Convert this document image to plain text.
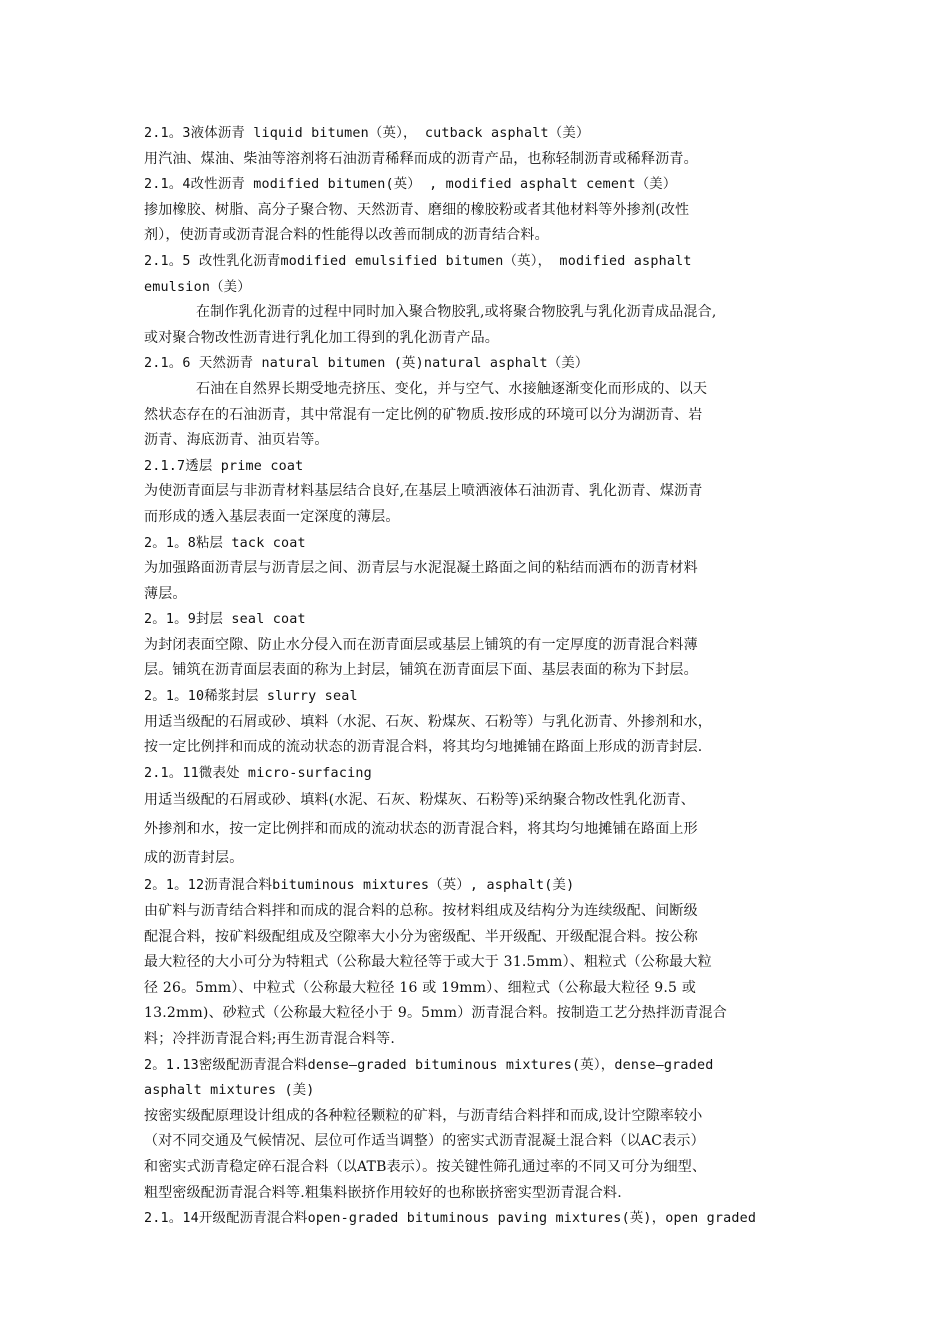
2.1。3液体沥青 liquid bitumen（英）， cutback asphalt（美）
用汽油、煤油、柴油等溶剂将石油沥青稀释而成的沥青产品，也称轻制沥青或稀释沥青。
2.1。4改性沥青 modified bitumen(英） , modified asphalt cement（美）
掺加橡胶、树脂、高分子聚合物、天然沥青、磨细的橡胶粉或者其他材料等外掺剂(改性
剂），使沥青或沥青混合料的性能得以改善而制成的沥青结合料。
2.1。5 改性乳化沥青modified emulsified bitumen（英）， modified asphalt
emulsion（美）
在制作乳化沥青的过程中同时加入聚合物胶乳,或将聚合物胶乳与乳化沥青成品混合,
或对聚合物改性沥青进行乳化加工得到的乳化沥青产品。
2.1。6 天然沥青 natural bitumen (英)natural asphalt（美）
石油在自然界长期受地壳挤压、变化，并与空气、水接触逐渐变化而形成的、以天
然状态存在的石油沥青，其中常混有一定比例的矿物质.按形成的环境可以分为湖沥青、岩
沥青、海底沥青、油页岩等。
2.1.7透层 prime coat
为使沥青面层与非沥青材料基层结合良好,在基层上喷洒液体石油沥青、乳化沥青、煤沥青
而形成的透入基层表面一定深度的薄层。
2。1。8粘层 tack coat
为加强路面沥青层与沥青层之间、沥青层与水泥混凝土路面之间的粘结而洒布的沥青材料
薄层。
2。1。9封层 seal coat
为封闭表面空隙、防止水分侵入而在沥青面层或基层上铺筑的有一定厚度的沥青混合料薄
层。铺筑在沥青面层表面的称为上封层，铺筑在沥青面层下面、基层表面的称为下封层。
2。1。10稀浆封层 slurry seal
用适当级配的石屑或砂、填料（水泥、石灰、粉煤灰、石粉等）与乳化沥青、外掺剂和水，
按一定比例拌和而成的流动状态的沥青混合料，将其均匀地摊铺在路面上形成的沥青封层.
2.1。11微表处 micro-surfacing
用适当级配的石屑或砂、填料(水泥、石灰、粉煤灰、石粉等)采纳聚合物改性乳化沥青、
外掺剂和水，按一定比例拌和而成的流动状态的沥青混合料，将其均匀地摊铺在路面上形
成的沥青封层。
2。1。12沥青混合料bituminous mixtures（英）, asphalt(美)
由矿料与沥青结合料拌和而成的混合料的总称。按材料组成及结构分为连续级配、间断级
配混合料，按矿料级配组成及空隙率大小分为密级配、半开级配、开级配混合料。按公称
最大粒径的大小可分为特粗式（公称最大粒径等于或大于 31.5mm）、粗粒式（公称最大粒
径 26。5mm）、中粒式（公称最大粒径 16 或 19mm）、细粒式（公称最大粒径 9.5 或
13.2mm)、砂粒式（公称最大粒径小于 9。5mm）沥青混合料。按制造工艺分热拌沥青混合
料；冷拌沥青混合料;再生沥青混合料等.
2。1.13密级配沥青混合料dense—graded bituminous mixtures(英），dense—graded
asphalt mixtures (美)
按密实级配原理设计组成的各种粒径颗粒的矿料，与沥青结合料拌和而成,设计空隙率较小
（对不同交通及气候情况、层位可作适当调整）的密实式沥青混凝土混合料（以AC表示）
和密实式沥青稳定碎石混合料（以ATB表示）。按关键性筛孔通过率的不同又可分为细型、
粗型密级配沥青混合料等.粗集料嵌挤作用较好的也称嵌挤密实型沥青混合料.
2.1。14开级配沥青混合料open-graded bituminous paving mixtures(英)，open graded
